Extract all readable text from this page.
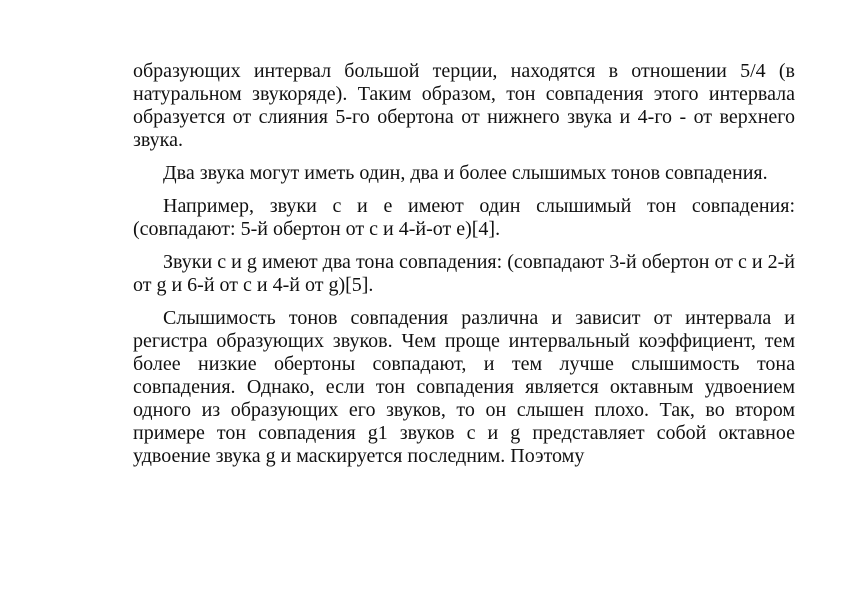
образующих интервал большой терции, находятся в отношении 5/4 (в натуральном звукоряде). Таким образом, тон совпадения этого интервала образуется от слияния 5-го обертона от нижнего звука и 4-го - от верхнего звука.

Два звука могут иметь один, два и более слышимых тонов совпадения.

Например, звуки с и е имеют один слышимый тон совпадения: (совпадают: 5-й обертон от с и 4-й-от е)[4].

Звуки с и g имеют два тона совпадения: (совпадают 3-й обертон от с и 2-й от g и 6-й от с и 4-й от g)[5].

Слышимость тонов совпадения различна и зависит от интервала и регистра образующих звуков. Чем проще интервальный коэффициент, тем более низкие обертоны совпадают, и тем лучше слышимость тона совпадения. Однако, если тон совпадения является октавным удвоением одного из образующих его звуков, то он слышен плохо. Так, во втором примере тон совпадения g1 звуков с и g представляет собой октавное удвоение звука g и маскируется последним. Поэтому
